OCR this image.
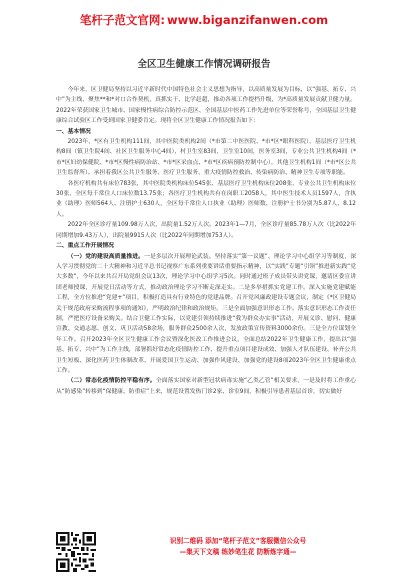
笔杆子范文官网: www.biganzifanwen.com
全区卫生健康工作情况调研报告

今年来，区卫健局坚持以习近平新时代中国特色社会主义思想为指导，以高质量发展为目标，以“强基、拓专、兴中”为主线，聚焦**和*对口合作契机，真抓实干、比学赶超，推动各项工作提档升级，为*高质量发展贡献卫健力量。2022年荣获国家卫生城市、国家慢性病综合防控示范区、全国基层中医药工作先进单位等荣誉称号，全国基层卫生健康综合试验区工作受到国家卫健委肯定。现将全区卫生健康工作情况报告如下：

一、基本情况

2023年，*区有卫生机构111间，其中医院类机构2间（*市第二中医医院、*市*区*眼科医院），基层医疗卫生机构8间（镇卫生院4间、社区卫生服务中心4间），村卫生室83间，卫生室10间，医务室3间，专业公共卫生机构4间（*市*区妇幼保健院、*市*区慢性病防治站、*市*区采血点、*市*区疾病预防控制中心），其他卫生机构1间（*市*区公共卫生监督所）。承担着我区公共卫生服务、医疗卫生服务、重大疫情防控救治、传染病防治、精神卫生专项等职能。

各医疗机构共有床位783张，其中医院类机构床位545张、基层医疗卫生机构床位208张，专业公共卫生机构床位30张，全区每千常住人口床位数13.75张；各医疗卫生机构共有在岗职工2058人，其中医生技术人员1597人，含执业（助理）医师564人、注册护士630人，全区每千常住人口执业（助理）医师数、注册护士书分别为5.87人、8.12人。

2022年全区诊疗量109.98万人次，出院量1.52万人次。2023年1—7月，全区诊疗量85.78万人次（比2022年同期增加9.43万人），出院量9915人次（比2022年同期增加753人）。

二、重点工作开展情况

（一）党的建设高质量推进。一是多层次开展理论武装。坚持落实“第一议题”、理论学习中心组学习等制度，深入学习贯彻党的二十大精神和习近平总书记视察广东系列重要讲话重要指示精神，以“实践”专题“引领”推进新实践“党大多数”，今年以来共召开局党组会议13次，理论学习中心组学习5次。同时通过班子成员带头讲党课，邀请区委宣讲团老师授课，开展党日活动等方式，推动政治理论学习不断走深走实。二是多举措抓实党建工作。深入实施党建赋能工程，全方位推进“党建+”项目，积极打造具有行业特色的党建品牌。召开党风廉政建设专题会议，制定《*区卫健局关于规范政府采购流程事项的通知》，严明政治纪律和政治规矩。三是全面加强意识形态工作。落实意识形态工作责任制，严把医疗设备采购关。结合卫健工作实际，以党建引领持续推进“我为群众办实事”活动，开展义诊、慰问、健康宣教、交通志愿、创文、巩卫活动58余场，服务群众2500余人次，发放政策宣传资料3000余份。三是全方位谋划全年工作。召开2023年全区卫生健康工作会议暨深化医改工作推进会议，全面总结2022年卫生健康工作，提出以“强基、拓专、兴中”为工作主线，部署抓好常态化疫情防控工作、提升重点项目建设成效、加强人才队伍建设、补齐公共卫生短板、深化医药卫生体制改革、开展爱国卫生运动、加强作风建设、加强党的建设8项2023年全区卫生健康重点工作。

（二）常态化疫情防控平稳有序。全面落实国家对新型冠状病毒实施“乙类乙管”相关要求，一是及时将工作重心从“防感染”转移到“保健康、防重症”上来，规范设置发热门诊2家、诊室9间，积极引导患者基层首诊，切实做好

识别二维码 添加“笔杆子范文”客服微信公众号
—集天下文稿 练妙笔生花 防断炼字通—
